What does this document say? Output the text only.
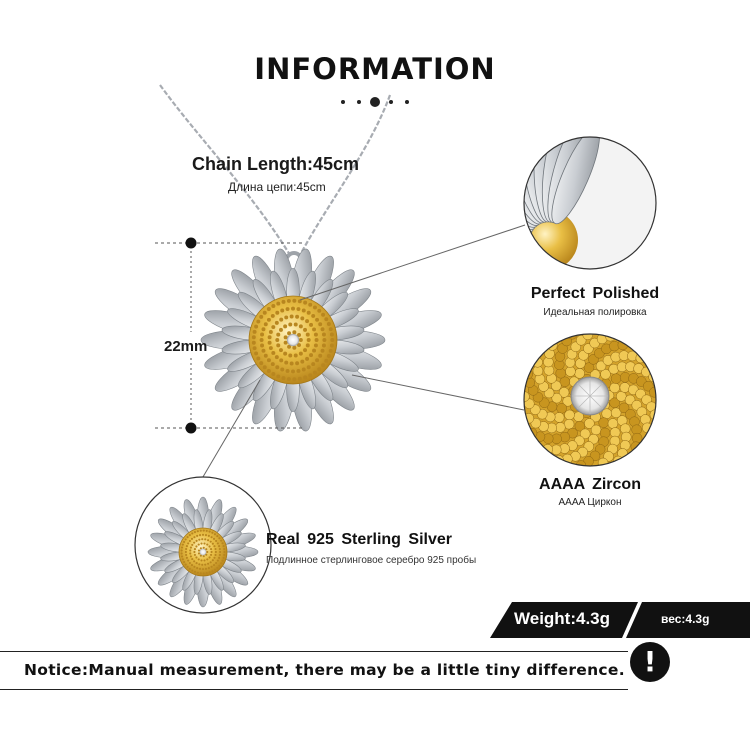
INFORMATION
Chain Length:45cm
Длина цепи:45cm
22mm
Perfect Polished
Идеальная полировка
AAAA Zircon
AAAA Циркон
Real 925 Sterling Silver
Подлинное стерлинговое серебро 925 пробы
Weight:4.3g	вес:4.3g
Notice:Manual measurement, there may be a little tiny difference. !
